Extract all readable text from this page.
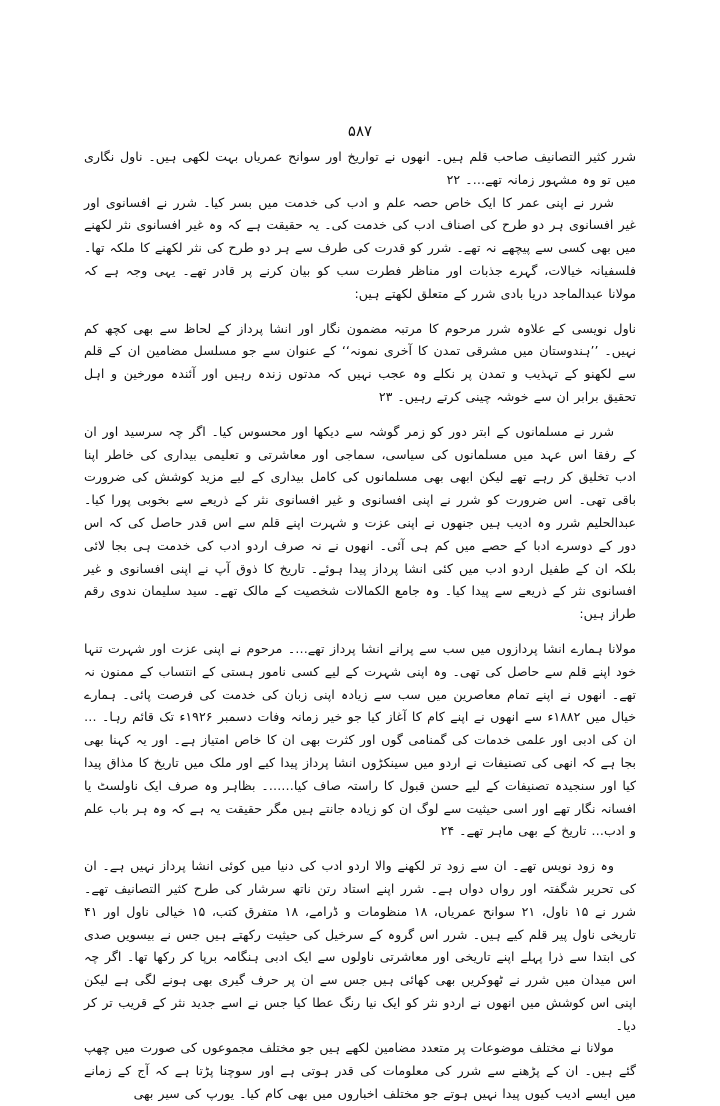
۵۸۷

شرر کثیر التصانیف صاحب قلم ہیں۔ انھوں نے تواریخ اور سوانح عمریاں بہت لکھی ہیں۔ ناول نگاری میں تو وہ مشہور زمانہ تھے…۔ ۲۲

شرر نے اپنی عمر کا ایک خاص حصہ علم و ادب کی خدمت میں بسر کیا۔ شرر نے افسانوی اور غیر افسانوی ہر دو طرح کی اصناف ادب کی خدمت کی۔ یہ حقیقت ہے کہ وہ غیر افسانوی نثر لکھنے میں بھی کسی سے پیچھے نہ تھے۔ شرر کو قدرت کی طرف سے ہر دو طرح کی نثر لکھنے کا ملکہ تھا۔ فلسفیانہ خیالات، گہرے جذبات اور مناظر فطرت سب کو بیان کرنے پر قادر تھے۔ یہی وجہ ہے کہ مولانا عبدالماجد دریا بادی شرر کے متعلق لکھتے ہیں:

ناول نویسی کے علاوہ شرر مرحوم کا مرتبہ مضمون نگار اور انشا پرداز کے لحاظ سے بھی کچھ کم نہیں۔ ’’ہندوستان میں مشرقی تمدن کا آخری نمونہ‘‘ کے عنوان سے جو مسلسل مضامین ان کے قلم سے لکھنو کے تہذیب و تمدن پر نکلے وہ عجب نہیں کہ مدتوں زندہ رہیں اور آئندہ مورخین و اہل تحقیق برابر ان سے خوشہ چینی کرتے رہیں۔ ۲۳

شرر نے مسلمانوں کے ابتر دور کو زمر گوشہ سے دیکھا اور محسوس کیا۔ اگر چہ سرسید اور ان کے رفقا اس عہد میں مسلمانوں کی سیاسی، سماجی اور معاشرتی و تعلیمی بیداری کی خاطر اپنا ادب تخلیق کر رہے تھے لیکن ابھی بھی مسلمانوں کی کامل بیداری کے لیے مزید کوشش کی ضرورت باقی تھی۔ اس ضرورت کو شرر نے اپنی افسانوی و غیر افسانوی نثر کے ذریعے سے بخوبی پورا کیا۔ عبدالحلیم شرر وہ ادیب ہیں جنھوں نے اپنی عزت و شہرت اپنے قلم سے اس قدر حاصل کی کہ اس دور کے دوسرے ادبا کے حصے میں کم ہی آئی۔ انھوں نے نہ صرف اردو ادب کی خدمت ہی بجا لائی بلکہ ان کے طفیل اردو ادب میں کئی انشا پرداز پیدا ہوئے۔ تاریخ کا ذوق آپ نے اپنی افسانوی و غیر افسانوی نثر کے ذریعے سے پیدا کیا۔ وہ جامع الکمالات شخصیت کے مالک تھے۔ سید سلیمان ندوی رقم طراز ہیں:

مولانا ہمارے انشا پردازوں میں سب سے پرانے انشا پرداز تھے…۔ مرحوم نے اپنی عزت اور شہرت تنہا خود اپنے قلم سے حاصل کی تھی۔ وہ اپنی شہرت کے لیے کسی نامور ہستی کے انتساب کے ممنون نہ تھے۔ انھوں نے اپنے تمام معاصرین میں سب سے زیادہ اپنی زبان کی خدمت کی فرصت پائی۔ ہمارے خیال میں ۱۸۸۲ء سے انھوں نے اپنے کام کا آغاز کیا جو خیر زمانہ وفات دسمبر ۱۹۲۶ء تک قائم رہا۔ …ان کی ادبی اور علمی خدمات کی گمنامی گوں اور کثرت بھی ان کا خاص امتیاز ہے۔ اور یہ کہنا بھی بجا ہے کہ انھی کی تصنیفات نے اردو میں سینکڑوں انشا پرداز پیدا کیے اور ملک میں تاریخ کا مذاق پیدا کیا اور سنجیدہ تصنیفات کے لیے حسن قبول کا راستہ صاف کیا……۔ بظاہر وہ صرف ایک ناولسٹ یا افسانہ نگار تھے اور اسی حیثیت سے لوگ ان کو زیادہ جانتے ہیں مگر حقیقت یہ ہے کہ وہ ہر باب علم و ادب… تاریخ کے بھی ماہر تھے۔ ۲۴

وہ زود نویس تھے۔ ان سے زود تر لکھنے والا اردو ادب کی دنیا میں کوئی انشا پرداز نہیں ہے۔ ان کی تحریر شگفتہ اور رواں دواں ہے۔ شرر اپنے استاد رتن ناتھ سرشار کی طرح کثیر التصانیف تھے۔ شرر نے ۱۵ ناول، ۲۱ سوانح عمریاں، ۱۸ منظومات و ڈرامے، ۱۸ متفرق کتب، ۱۵ خیالی ناول اور ۴۱ تاریخی ناول پیر قلم کیے ہیں۔ شرر اس گروہ کے سرخیل کی حیثیت رکھتے ہیں جس نے بیسویں صدی کی ابتدا سے ذرا پہلے اپنے تاریخی اور معاشرتی ناولوں سے ایک ادبی ہنگامہ برپا کر رکھا تھا۔ اگر چہ اس میدان میں شرر نے ٹھوکریں بھی کھائی ہیں جس سے ان پر حرف گیری بھی ہونے لگی ہے لیکن اپنی اس کوشش میں انھوں نے اردو نثر کو ایک نیا رنگ عطا کیا جس نے اسے جدید نثر کے قریب تر کر دیا۔

مولانا نے مختلف موضوعات پر متعدد مضامین لکھے ہیں جو مختلف مجموعوں کی صورت میں چھپ گئے ہیں۔ ان کے پڑھنے سے شرر کی معلومات کی قدر ہوتی ہے اور سوچنا پڑتا ہے کہ آج کے زمانے میں ایسے ادیب کیوں پیدا نہیں ہوتے جو مختلف اخباروں میں بھی کام کیا۔ یورپ کی سیر بھی
